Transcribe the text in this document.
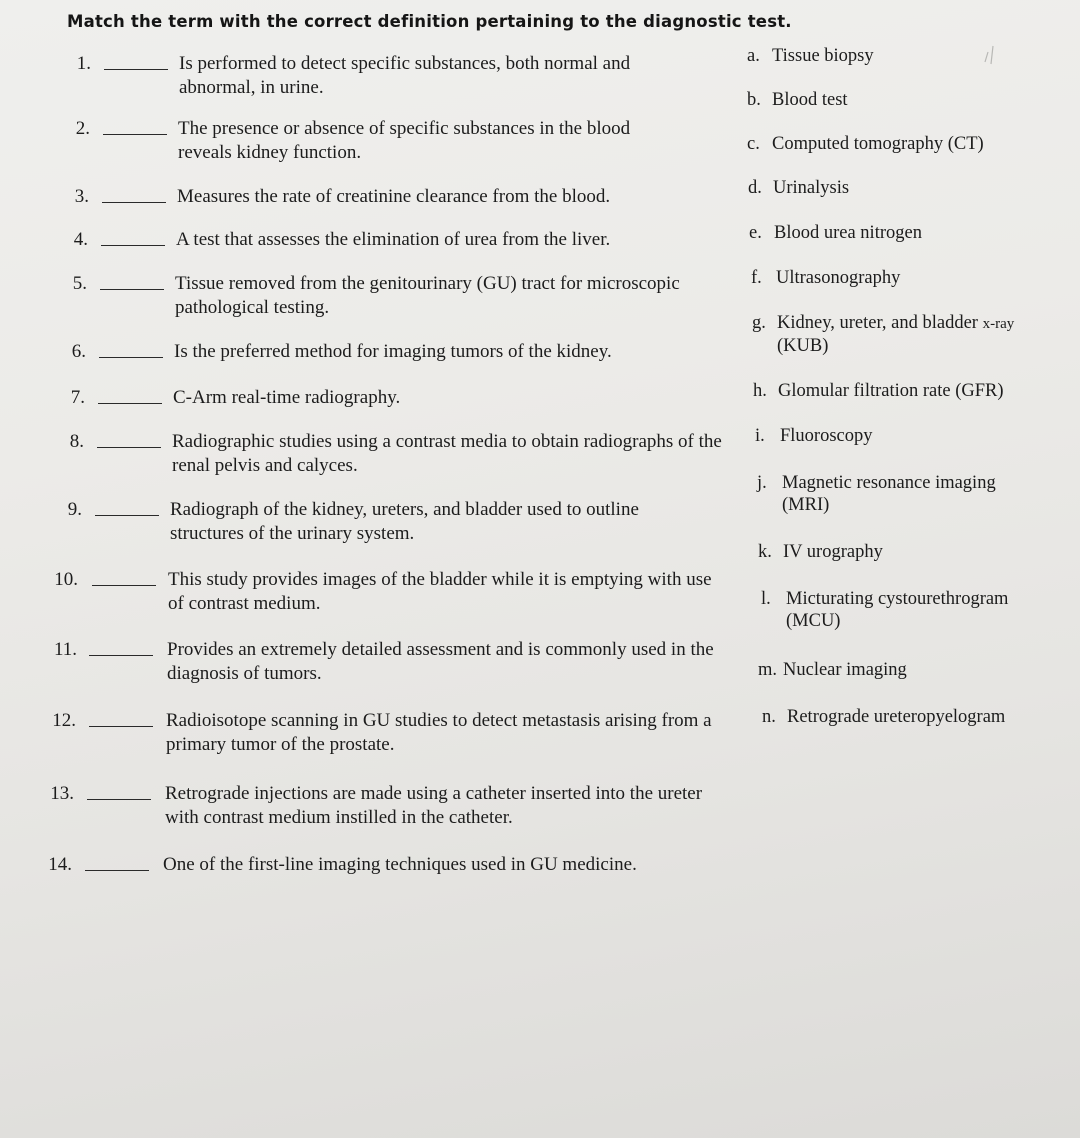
Match the term with the correct definition pertaining to the diagnostic test.
1.	Is performed to detect specific substances, both normal and abnormal, in urine.
2.	The presence or absence of specific substances in the blood reveals kidney function.
3.	Measures the rate of creatinine clearance from the blood.
4.	A test that assesses the elimination of urea from the liver.
5.	Tissue removed from the genitourinary (GU) tract for microscopic pathological testing.
6.	Is the preferred method for imaging tumors of the kidney.
7.	C-Arm real-time radiography.
8.	Radiographic studies using a contrast media to obtain radiographs of the renal pelvis and calyces.
9.	Radiograph of the kidney, ureters, and bladder used to outline structures of the urinary system.
10.	This study provides images of the bladder while it is emptying with use of contrast medium.
11.	Provides an extremely detailed assessment and is commonly used in the diagnosis of tumors.
12.	Radioisotope scanning in GU studies to detect metastasis arising from a primary tumor of the prostate.
13.	Retrograde injections are made using a catheter inserted into the ureter with contrast medium instilled in the catheter.
14.	One of the first-line imaging techniques used in GU medicine.
a. Tissue biopsy
b. Blood test
c. Computed tomography (CT)
d. Urinalysis
e. Blood urea nitrogen
f. Ultrasonography
g. Kidney, ureter, and bladder x-ray
(KUB)
h. Glomular filtration rate (GFR)
i. Fluoroscopy
j. Magnetic resonance imaging
(MRI)
k. IV urography
l. Micturating cystourethrogram
(MCU)
m. Nuclear imaging
n. Retrograde ureteropyelogram
